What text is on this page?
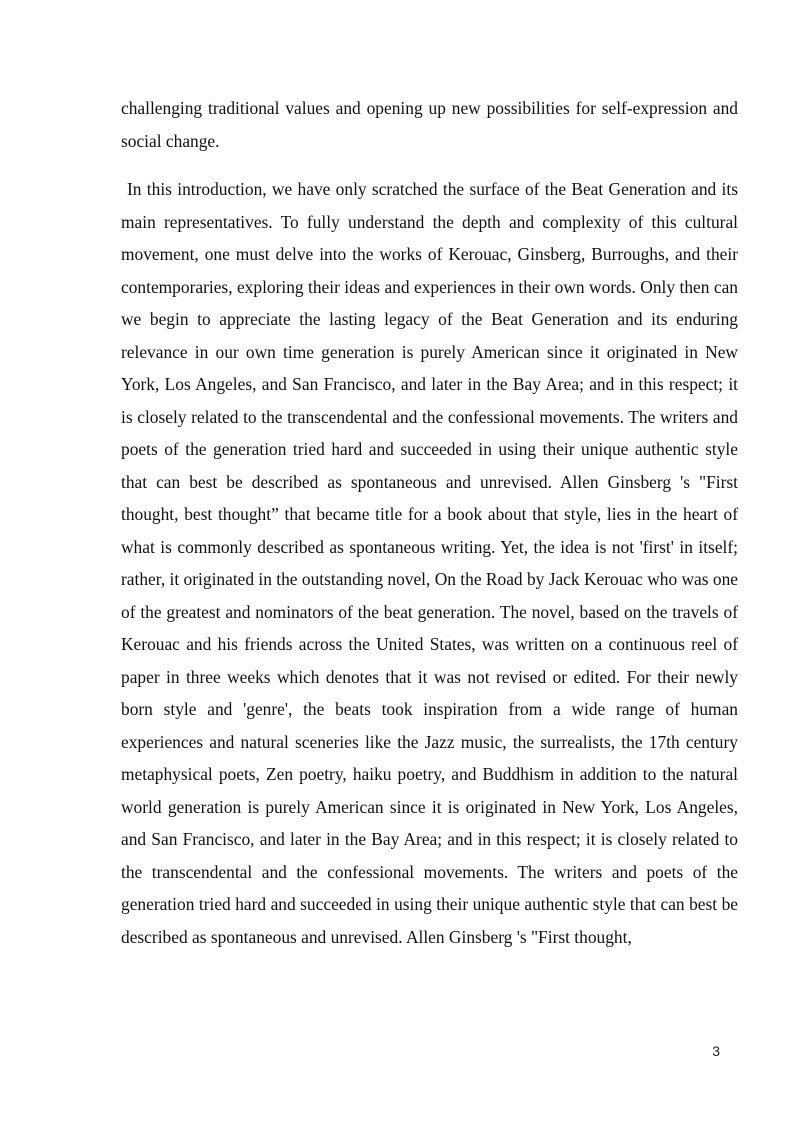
challenging traditional values and opening up new possibilities for self-expression and social change.

In this introduction, we have only scratched the surface of the Beat Generation and its main representatives. To fully understand the depth and complexity of this cultural movement, one must delve into the works of Kerouac, Ginsberg, Burroughs, and their contemporaries, exploring their ideas and experiences in their own words. Only then can we begin to appreciate the lasting legacy of the Beat Generation and its enduring relevance in our own time generation is purely American since it originated in New York, Los Angeles, and San Francisco, and later in the Bay Area; and in this respect; it is closely related to the transcendental and the confessional movements. The writers and poets of the generation tried hard and succeeded in using their unique authentic style that can best be described as spontaneous and unrevised. Allen Ginsberg 's "First thought, best thought” that became title for a book about that style, lies in the heart of what is commonly described as spontaneous writing. Yet, the idea is not 'first' in itself; rather, it originated in the outstanding novel, On the Road by Jack Kerouac who was one of the greatest and nominators of the beat generation. The novel, based on the travels of Kerouac and his friends across the United States, was written on a continuous reel of paper in three weeks which denotes that it was not revised or edited. For their newly born style and 'genre', the beats took inspiration from a wide range of human experiences and natural sceneries like the Jazz music, the surrealists, the 17th century metaphysical poets, Zen poetry, haiku poetry, and Buddhism in addition to the natural world generation is purely American since it is originated in New York, Los Angeles, and San Francisco, and later in the Bay Area; and in this respect; it is closely related to the transcendental and the confessional movements. The writers and poets of the generation tried hard and succeeded in using their unique authentic style that can best be described as spontaneous and unrevised. Allen Ginsberg 's "First thought,

3
